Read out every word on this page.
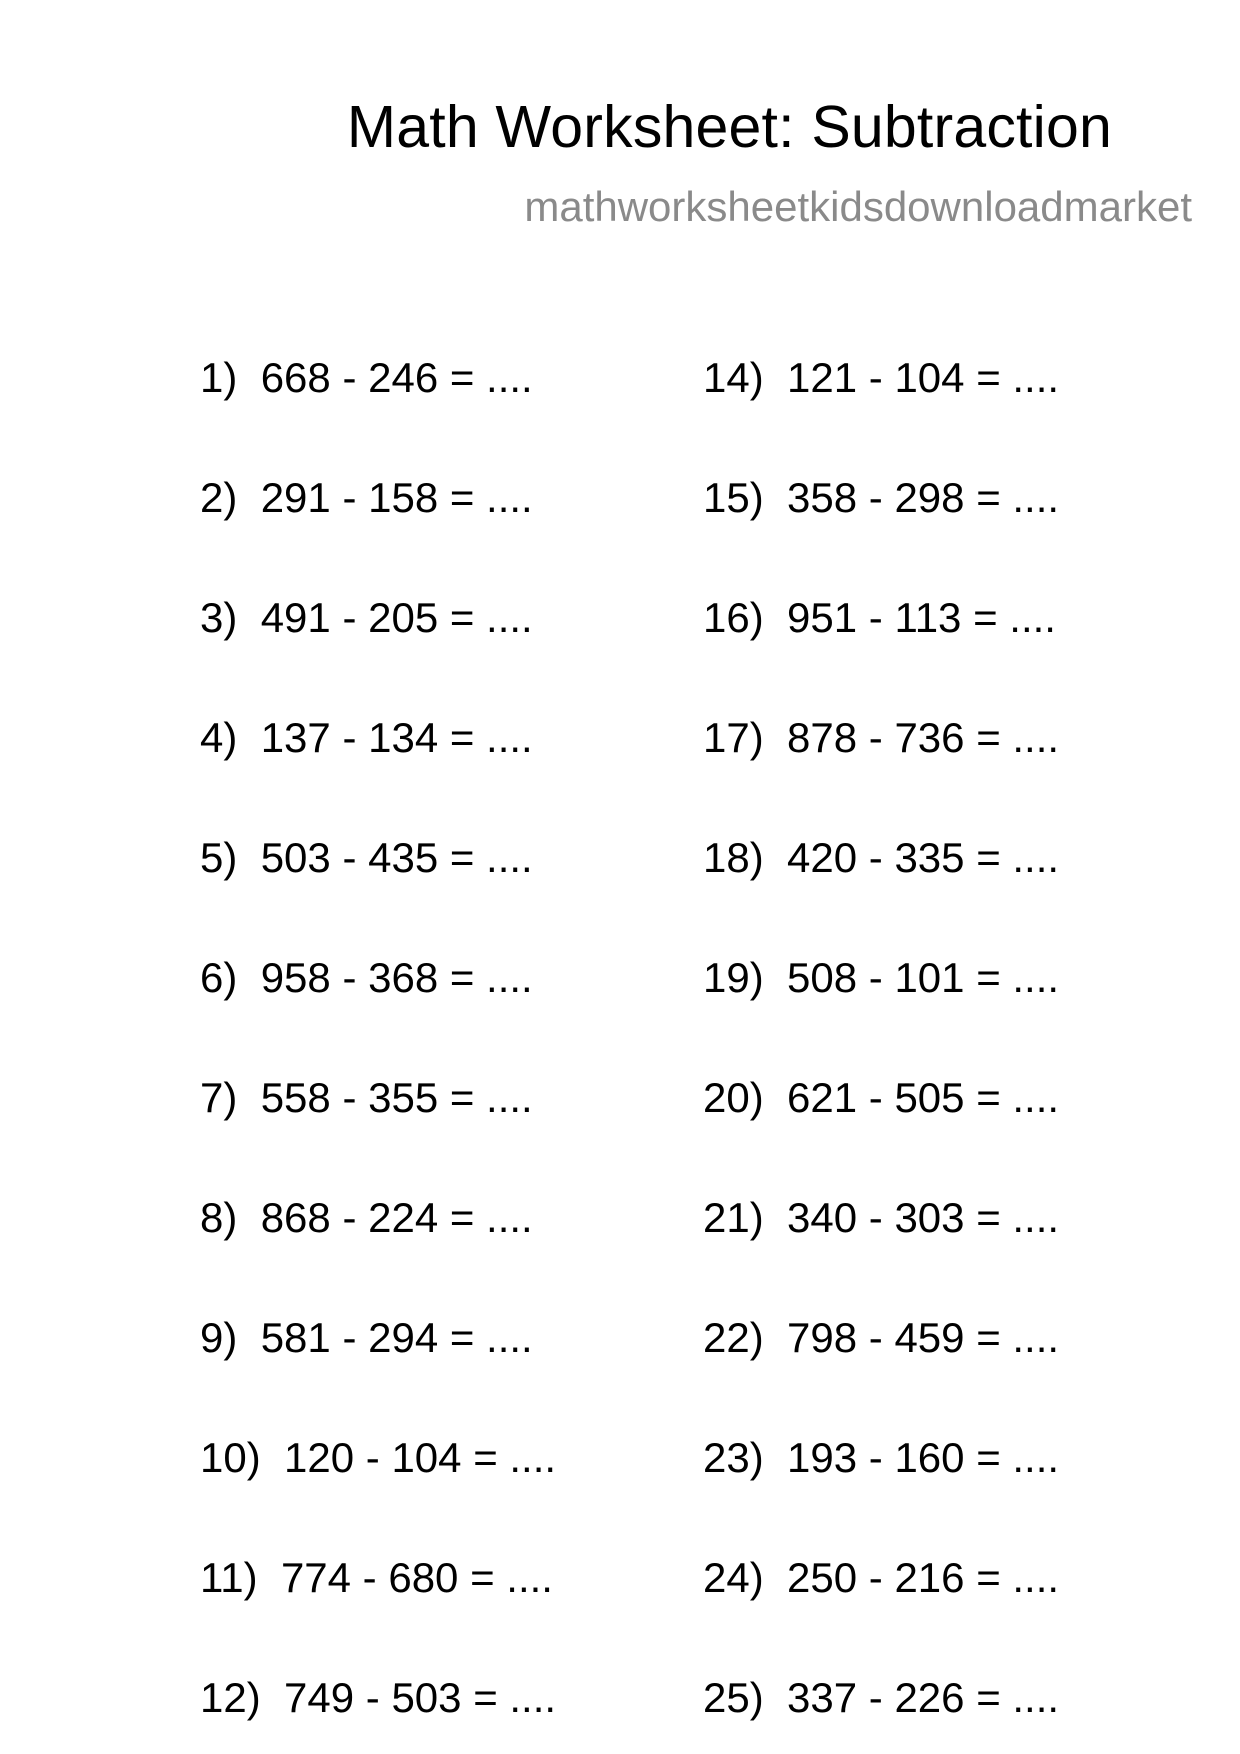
Math Worksheet: Subtraction
mathworksheetkidsdownloadmarket
1) 668 - 246 = ....
2) 291 - 158 = ....
3) 491 - 205 = ....
4) 137 - 134 = ....
5) 503 - 435 = ....
6) 958 - 368 = ....
7) 558 - 355 = ....
8) 868 - 224 = ....
9) 581 - 294 = ....
10) 120 - 104 = ....
11) 774 - 680 = ....
12) 749 - 503 = ....
14) 121 - 104 = ....
15) 358 - 298 = ....
16) 951 - 113 = ....
17) 878 - 736 = ....
18) 420 - 335 = ....
19) 508 - 101 = ....
20) 621 - 505 = ....
21) 340 - 303 = ....
22) 798 - 459 = ....
23) 193 - 160 = ....
24) 250 - 216 = ....
25) 337 - 226 = ....
